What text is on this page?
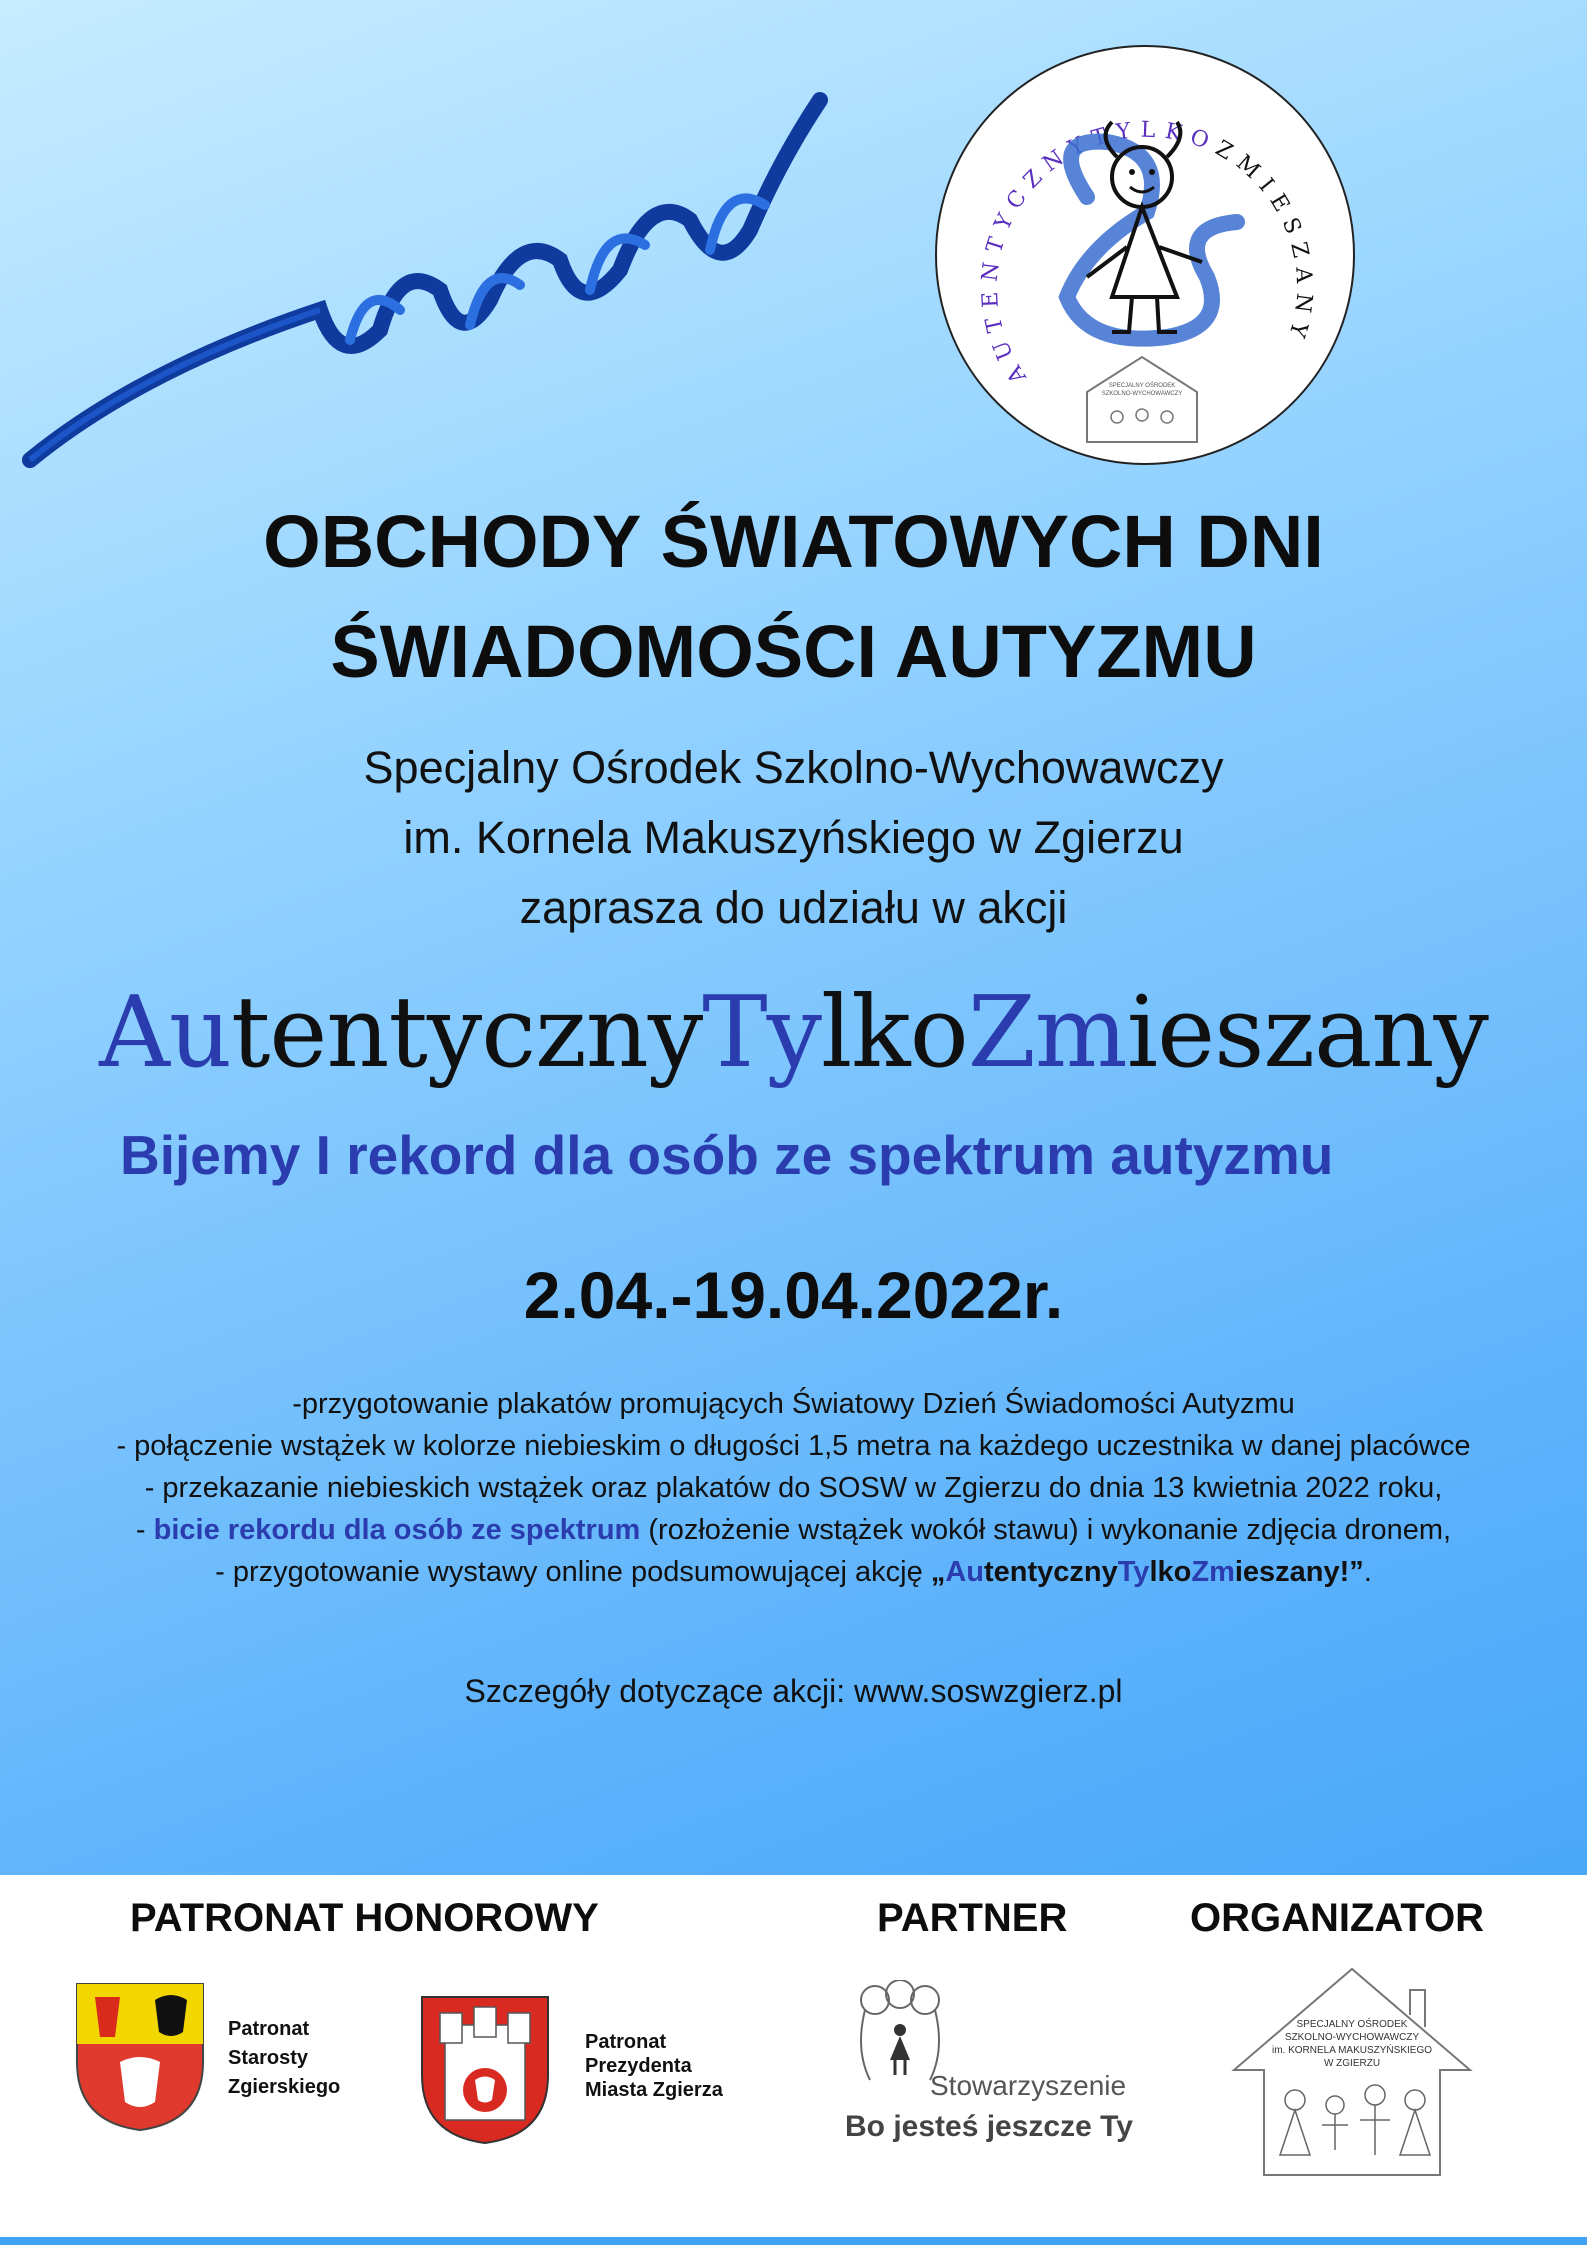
AUTENTYCZNYTYLKOZMIESZANY
SPECJALNY OŚRODEK
SZKOLNO-WYCHOWAWCZY
OBCHODY ŚWIATOWYCH DNI
ŚWIADOMOŚCI AUTYZMU
Specjalny Ośrodek Szkolno-Wychowawczy
im. Kornela Makuszyńskiego w Zgierzu
zaprasza do udziału w akcji
AutentycznyTylkoZmieszany
Bijemy I rekord dla osób ze spektrum autyzmu
2.04.-19.04.2022r.
-przygotowanie plakatów promujących Światowy Dzień Świadomości Autyzmu
- połączenie wstążek w kolorze niebieskim o długości 1,5 metra na każdego uczestnika w danej placówce
- przekazanie niebieskich wstążek oraz plakatów do SOSW w Zgierzu do dnia 13 kwietnia 2022 roku,
- bicie rekordu dla osób ze spektrum (rozłożenie wstążek wokół stawu) i wykonanie zdjęcia dronem,
- przygotowanie wystawy online podsumowującej akcję „AutentycznyTylkoZmieszany!”.
Szczegóły dotyczące akcji: www.soswzgierz.pl
PATRONAT HONOROWY	PARTNER	ORGANIZATOR
Patronat
Starosty
Zgierskiego
Patronat
Prezydenta
Miasta Zgierza	Stowarzyszenie
Bo jesteś jeszcze Ty
SPECJALNY OŚRODEK
SZKOLNO-WYCHOWAWCZY
im. KORNELA MAKUSZYŃSKIEGO
W ZGIERZU
